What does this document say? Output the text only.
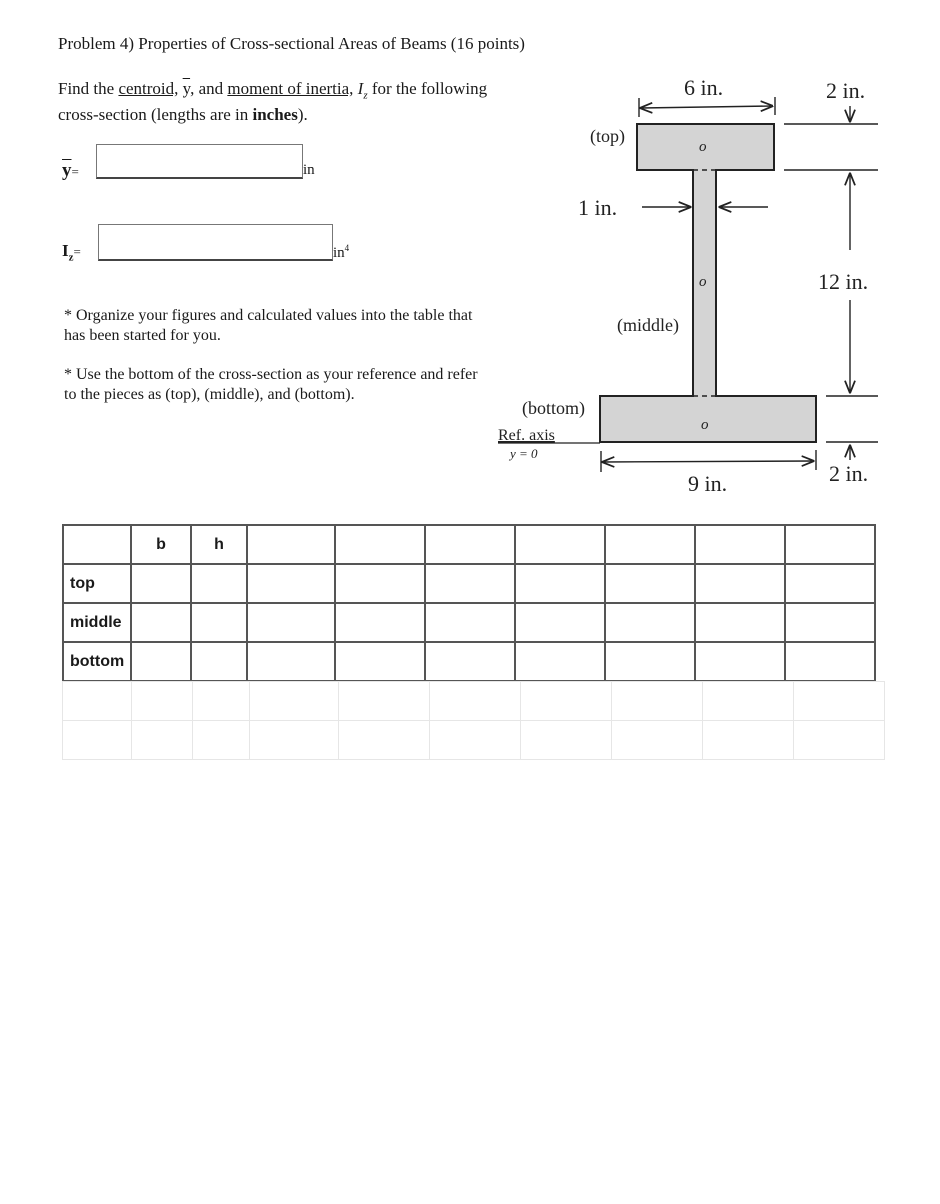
Problem 4) Properties of Cross-sectional Areas of Beams (16 points)
Find the centroid, $\overline{y}$, and moment of inertia, $I_z$ for the following cross-section (lengths are in inches).
$\overline{y}=$	in
$I_z=$	$in^4$
* Organize your figures and calculated values into the table that has been started for you.
* Use the bottom of the cross-section as your reference and refer to the pieces as (top), (middle), and (bottom).
o
o
o
(top)
(middle)
(bottom)
Ref. axis
y = 0
6 in.	2 in.
12 in.
1 in.
9 in.	2 in.
	b	h							
top									
middle									
bottom									
